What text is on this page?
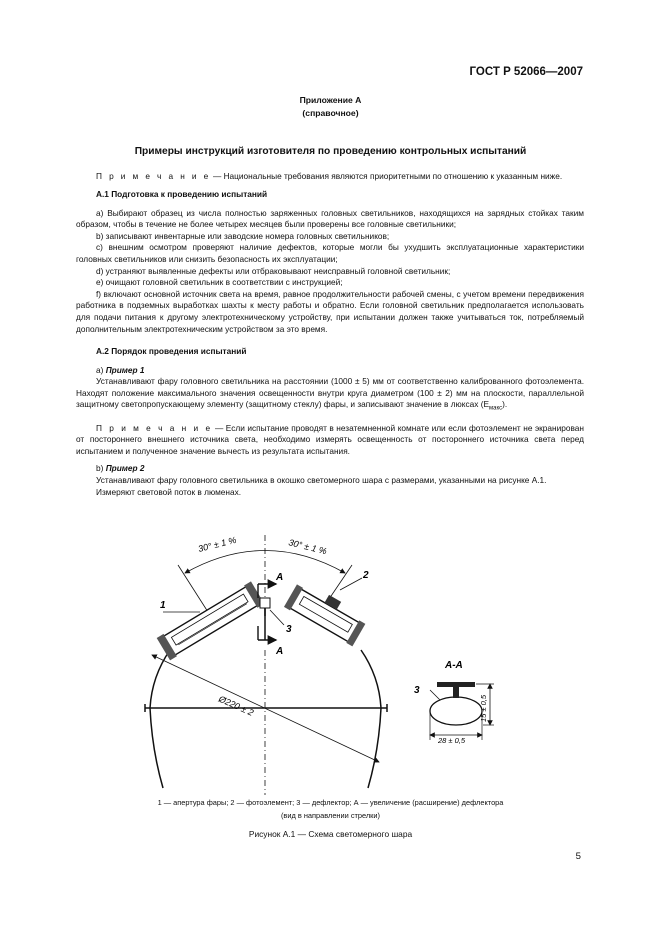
ГОСТ Р 52066—2007
Приложение А
(справочное)
Примеры инструкций изготовителя по проведению контрольных испытаний

П р и м е ч а н и е — Национальные требования являются приоритетными по отношению к указанным ниже.

А.1 Подготовка к проведению испытаний

а) Выбирают образец из числа полностью заряженных головных светильников, находящихся на зарядных стойках таким образом, чтобы в течение не более четырех месяцев были проверены все головные светильники;

b) записывают инвентарные или заводские номера головных светильников;

с) внешним осмотром проверяют наличие дефектов, которые могли бы ухудшить эксплуатационные характеристики головных светильников или снизить безопасность их эксплуатации;

d) устраняют выявленные дефекты или отбраковывают неисправный головной светильник;

е) очищают головной светильник в соответствии с инструкцией;

f) включают основной источник света на время, равное продолжительности рабочей смены, с учетом времени передвижения работника в подземных выработках шахты к месту работы и обратно. Если головной светильник предполагается использовать для подачи питания к другому электротехническому устройству, при испытании должен также учитываться ток, потребляемый дополнительным электротехническим устройством за это время.

А.2 Порядок проведения испытаний

а) Пример 1

Устанавливают фару головного светильника на расстоянии (1000 ± 5) мм от соответственно калиброванного фотоэлемента. Находят положение максимального значения освещенности внутри круга диаметром (100 ± 2) мм на плоскости, параллельной защитному светопропускающему элементу (защитному стеклу) фары, и записывают значение в люксах $(Е_{макс})$.

П р и м е ч а н и е — Если испытание проводят в незатемненной комнате или если фотоэлемент не экранирован от постороннего внешнего источника света, необходимо измерять освещенность от постороннего источника света перед испытанием и полученное значение вычесть из результата испытания.

b) Пример 2

Устанавливают фару головного светильника в окошко светомерного шара с размерами, указанными на рисунке А.1.

Измеряют световой поток в люменах.

Ø220 ± 2
30° ± 1 %	30° ± 1 %
1
2
3
А
А
А-А
3
15 ± 0,5
28 ± 0,5
1 — апертура фары; 2 — фотоэлемент; 3 — дефлектор; А — увеличение (расширение) дефлектора
(вид в направлении стрелки)
Рисунок А.1 — Схема светомерного шара
5
